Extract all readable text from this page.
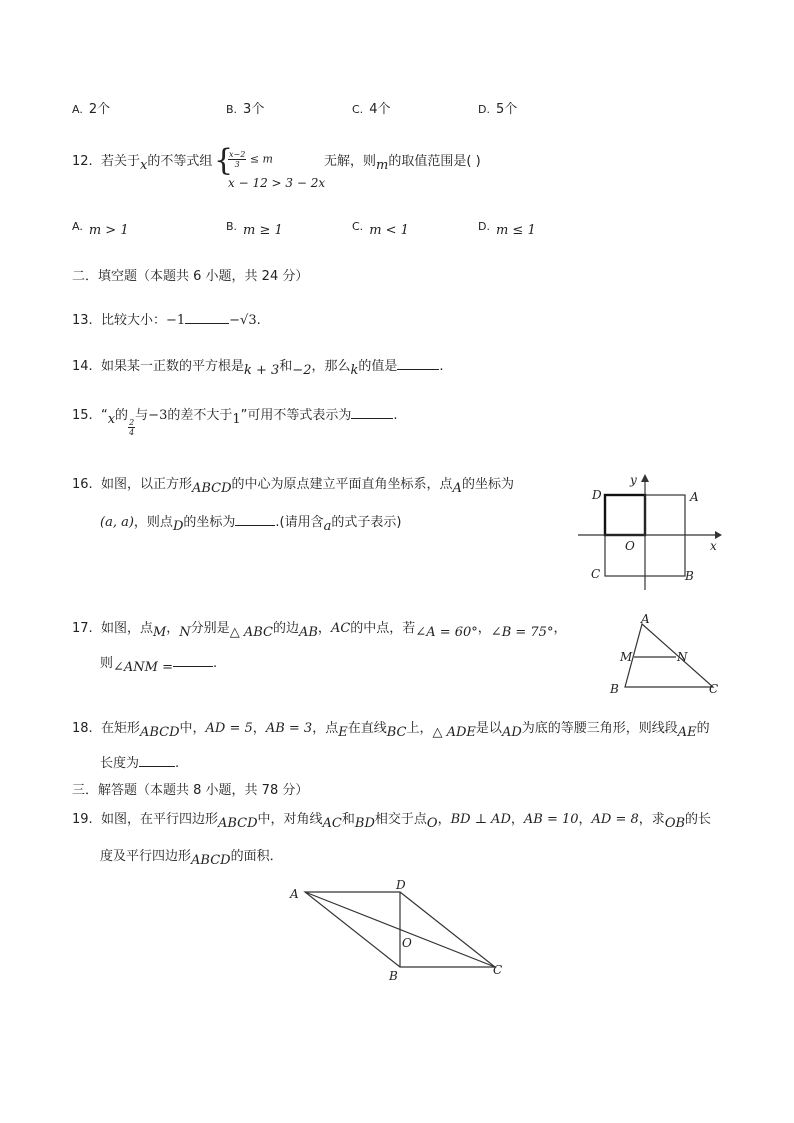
A. 2个	B. 3个	C. 4个	D. 5个
12. 若关于x的不等式组 {
$\frac{x-2}{3} \le m$
x − 12 > 3 − 2x
无解，则m的取值范围是( )
A. m > 1	B. m ≥ 1	C. m < 1	D. m ≤ 1
二．填空题（本题共 6 小题，共 24 分）
13. 比较大小：−1	−√3.
14. 如果某一正数的平方根是k + 3和−2，那么k的值是	.
15. “x的
$\frac{2}{4}$
与−3的差不大于1”可用不等式表示为	.
16. 如图，以正方形ABCD的中心为原点建立平面直角坐标系，点A的坐标为
(a, a)，则点D的坐标为	.(请用含a的式子表示)
D	A
C	B
O	x
y
17. 如图，点M，N分别是△ ABC的边AB，AC的中点，若∠A = 60°，∠B = 75°，
则∠ANM =	.
A
M	N
B	C
18. 在矩形ABCD中，AD = 5，AB = 3，点E在直线BC上，△ ADE是以AD为底的等腰三角形，则线段AE的
长度为	.
三．解答题（本题共 8 小题，共 78 分）
19. 如图，在平行四边形ABCD中，对角线AC和BD相交于点O，BD ⊥ AD，AB = 10，AD = 8，求OB的长
度及平行四边形ABCD的面积．
A
D
O
B	C
